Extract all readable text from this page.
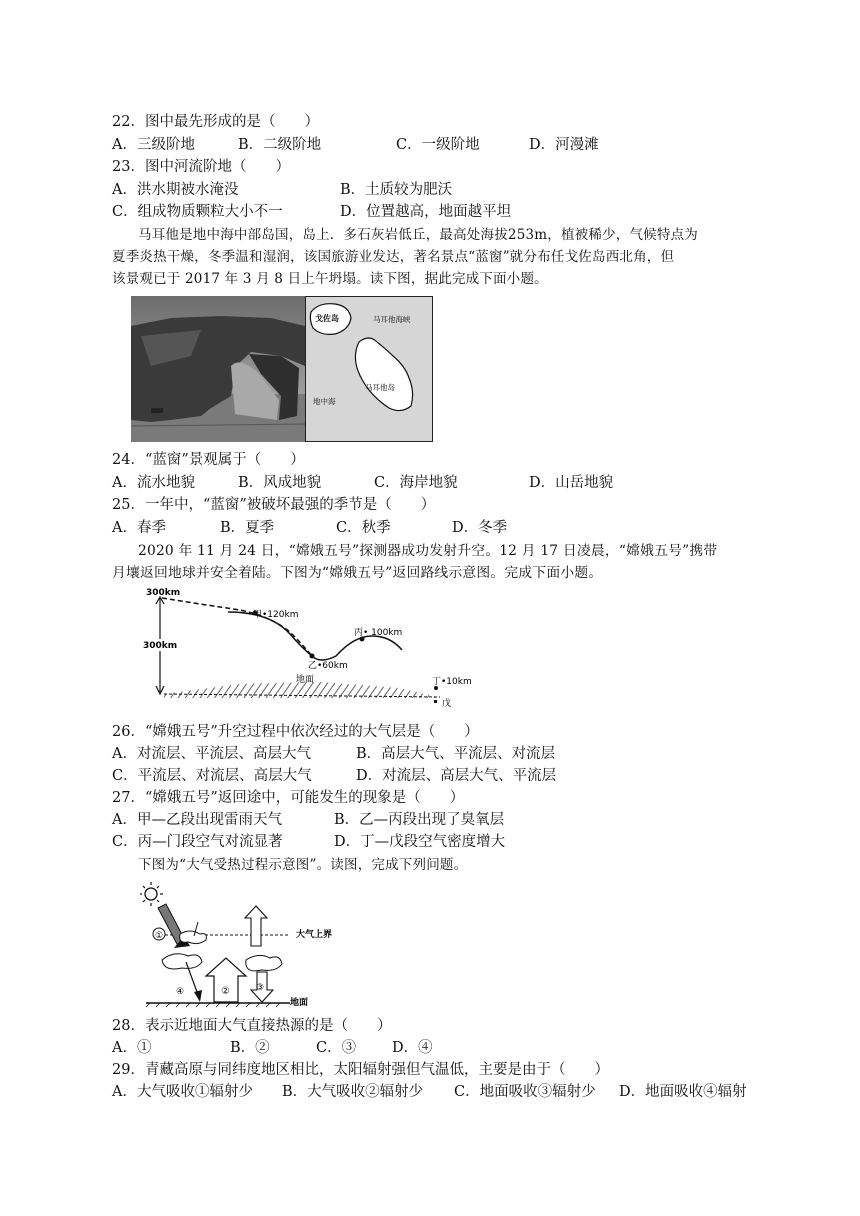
22．图中最先形成的是（　　）
A．三级阶地	B．二级阶地	C．一级阶地	D．河漫滩
23．图中河流阶地（　　）
A．洪水期被水淹没	B．土质较为肥沃
C．组成物质颗粒大小不一	D．位置越高，地面越平坦
马耳他是地中海中部岛国，岛上．多石灰岩低丘，最高处海拔253m，植被稀少，气候特点为
夏季炎热干燥，冬季温和湿润，该国旅游业发达，著名景点“蓝窗”就分布任戈佐岛西北角，但
该景观已于 2017 年 3 月 8 日上午坍塌。读下图，据此完成下面小题。
戈佐岛	马耳他海峡
马耳他岛
地中海
24．“蓝窗”景观属于（　　）
A．流水地貌	B．风成地貌	C．海岸地貌	D．山岳地貌
25．一年中，“蓝窗”被破坏最强的季节是（　　）
A．春季	B．夏季	C．秋季	D．冬季
2020 年 11 月 24 日，“嫦娥五号”探测器成功发射升空。12 月 17 日凌晨，“嫦娥五号”携带
月壤返回地球并安全着陆。下图为“嫦娥五号”返回路线示意图。完成下面小题。
300km
300km
甲•120km
乙•60km
丙• 100km
地面	丁•10km
戊
26．“嫦娥五号”升空过程中依次经过的大气层是（　　）
A．对流层、平流层、高层大气	B．高层大气、平流层、对流层
C．平流层、对流层、高层大气	D．对流层、高层大气、平流层
27．“嫦娥五号”返回途中，可能发生的现象是（　　）
A．甲—乙段出现雷雨天气	B．乙—丙段出现了臭氧层
C．丙—门段空气对流显著	D．丁—戊段空气密度增大
下图为“大气受热过程示意图”。读图，完成下列问题。
大气上界
①
④	②	③
地面
28．表示近地面大气直接热源的是（　　）
A．①	B．②	C．③ D．④
29．青藏高原与同纬度地区相比，太阳辐射强但气温低，主要是由于（　　）
A．大气吸收①辐射少 B．大气吸收②辐射少 C．地面吸收③辐射少 D．地面吸收④辐射
